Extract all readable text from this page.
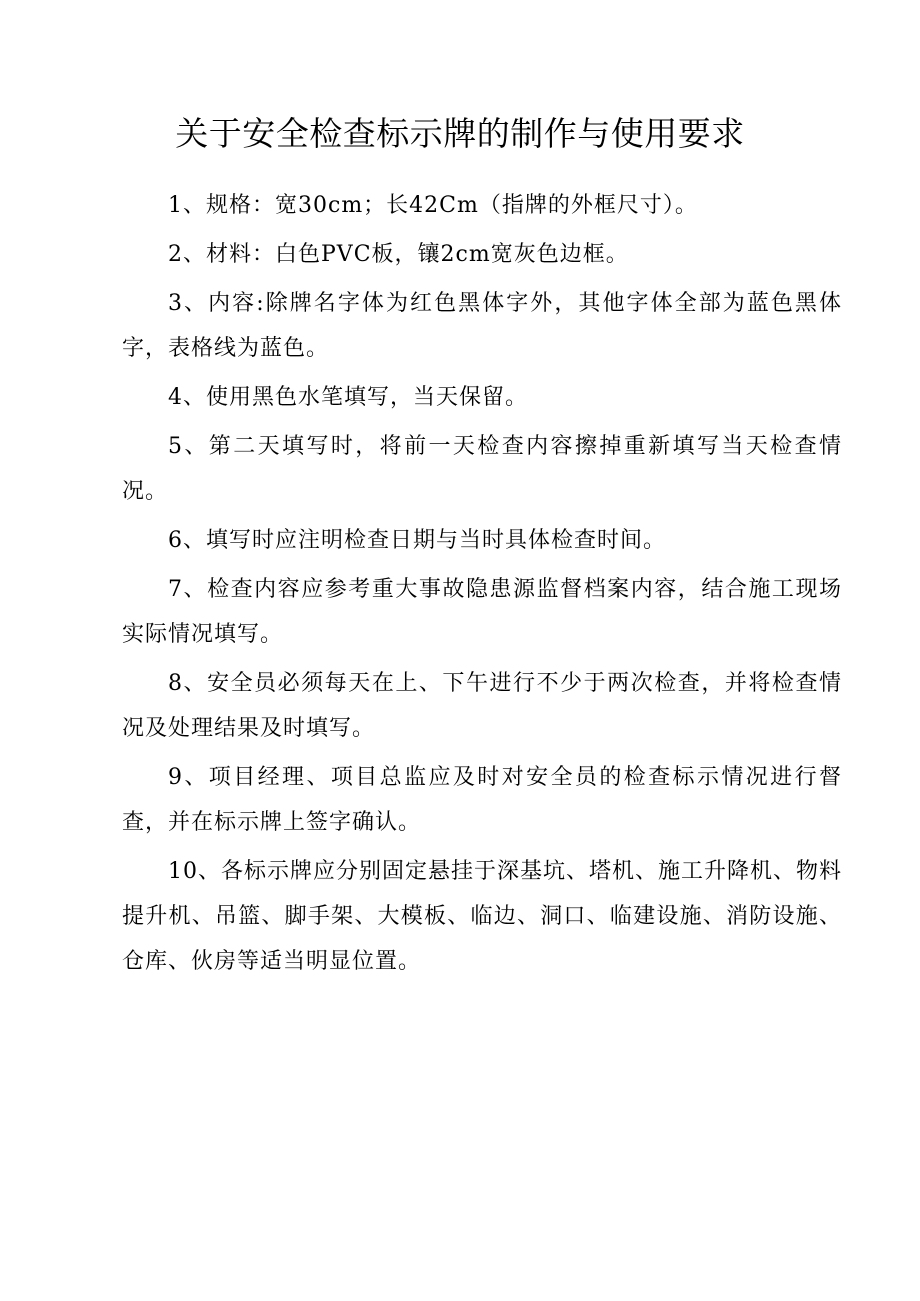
关于安全检查标示牌的制作与使用要求

1、规格：宽30cm；长42Cm（指牌的外框尺寸）。

2、材料：白色PVC板，镶2cm宽灰色边框。

3、内容:除牌名字体为红色黑体字外，其他字体全部为蓝色黑体字，表格线为蓝色。

4、使用黑色水笔填写，当天保留。

5、第二天填写时，将前一天检查内容擦掉重新填写当天检查情况。

6、填写时应注明检查日期与当时具体检查时间。

7、检查内容应参考重大事故隐患源监督档案内容，结合施工现场实际情况填写。

8、安全员必须每天在上、下午进行不少于两次检查，并将检查情况及处理结果及时填写。

9、项目经理、项目总监应及时对安全员的检查标示情况进行督查，并在标示牌上签字确认。

10、各标示牌应分别固定悬挂于深基坑、塔机、施工升降机、物料提升机、吊篮、脚手架、大模板、临边、洞口、临建设施、消防设施、仓库、伙房等适当明显位置。
